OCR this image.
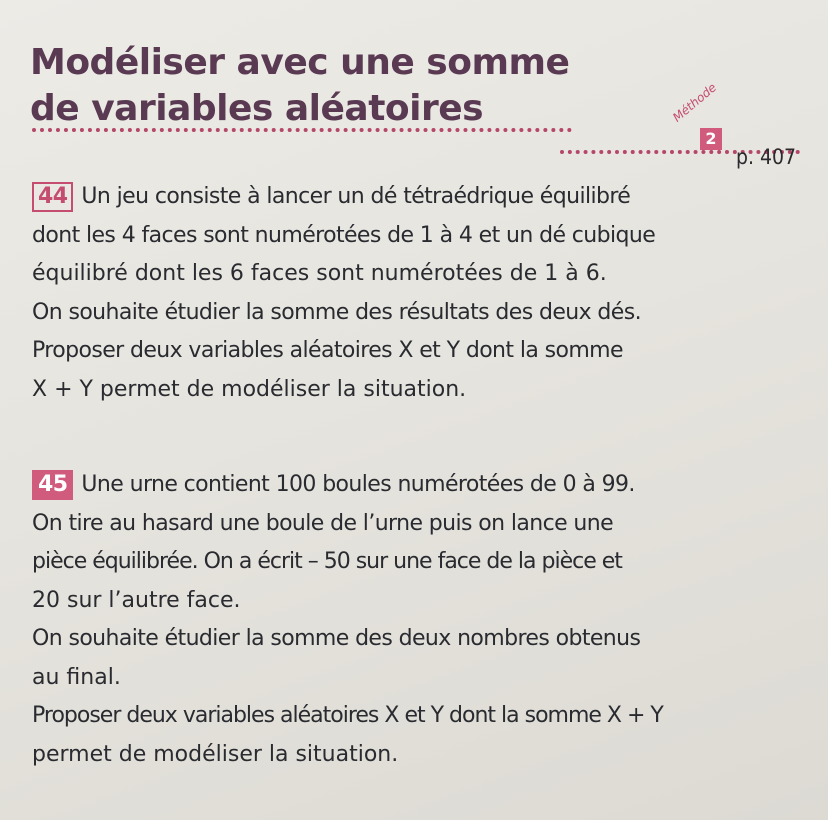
Modéliser avec une somme
de variables aléatoires	Méthode
2
p. 407

44 Un jeu consiste à lancer un dé tétraédrique équilibré
dont les 4 faces sont numérotées de 1 à 4 et un dé cubique
équilibré dont les 6 faces sont numérotées de 1 à 6.
On souhaite étudier la somme des résultats des deux dés.
Proposer deux variables aléatoires X et Y dont la somme
X + Y permet de modéliser la situation.

45 Une urne contient 100 boules numérotées de 0 à 99.
On tire au hasard une boule de l’urne puis on lance une
pièce équilibrée. On a écrit – 50 sur une face de la pièce et
20 sur l’autre face.
On souhaite étudier la somme des deux nombres obtenus
au final.
Proposer deux variables aléatoires X et Y dont la somme X + Y
permet de modéliser la situation.
